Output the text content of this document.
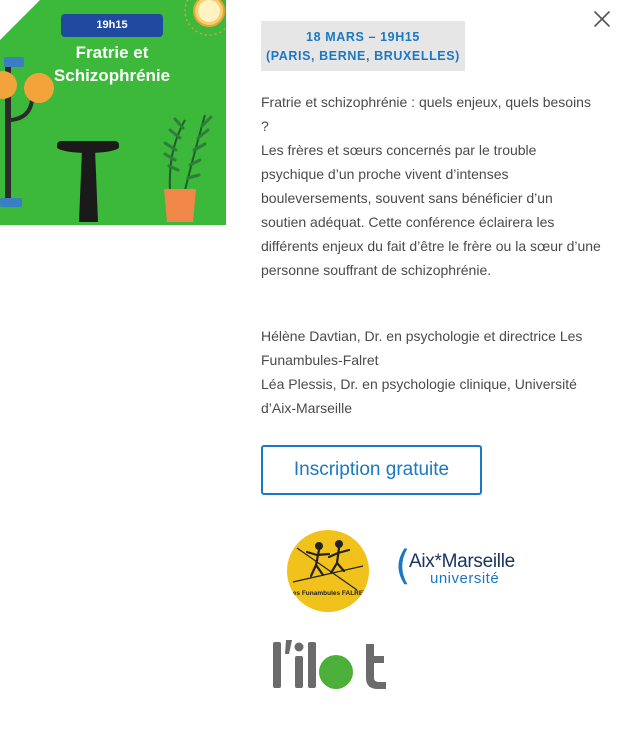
19h15
Fratrie et
Schizophrénie
18 MARS – 19H15
(PARIS, BERNE, BRUXELLES)
Fratrie et schizophrénie : quels enjeux, quels besoins ?
Les frères et sœurs concernés par le trouble psychique d’un proche vivent d’intenses bouleversements, souvent sans bénéficier d’un soutien adéquat. Cette conférence éclairera les différents enjeux du fait d’être le frère ou la sœur d’une personne souffrant de schizophrénie.
Hélène Davtian, Dr. en psychologie et directrice Les Funambules-Falret
Léa Plessis, Dr. en psychologie clinique, Université d’Aix-Marseille
Inscription gratuite
Les Funambules FALRET
(
Aix*Marseille
université
